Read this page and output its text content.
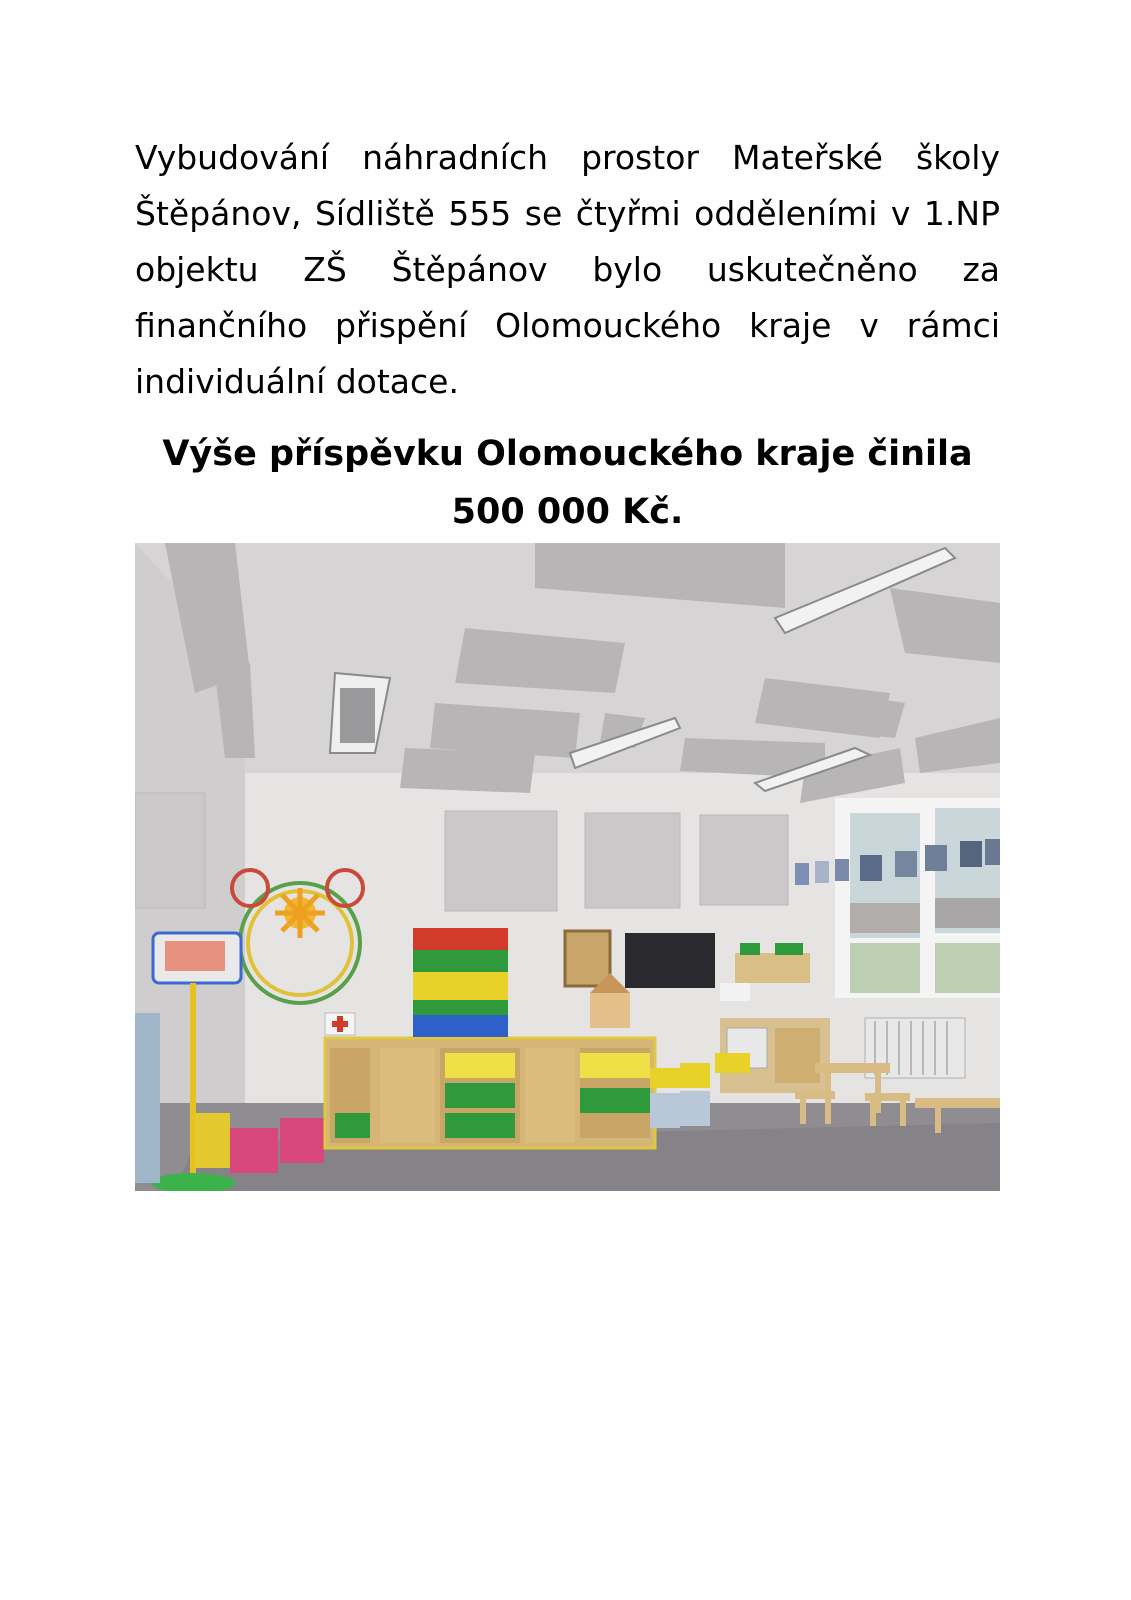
Vybudování náhradních prostor Mateřské školy Štěpánov, Sídliště 555 se čtyřmi odděleními v 1.NP objektu ZŠ Štěpánov bylo uskutečněno za finančního přispění Olomouckého kraje v rámci individuální dotace.
Výše příspěvku Olomouckého kraje činila
500 000 Kč.
